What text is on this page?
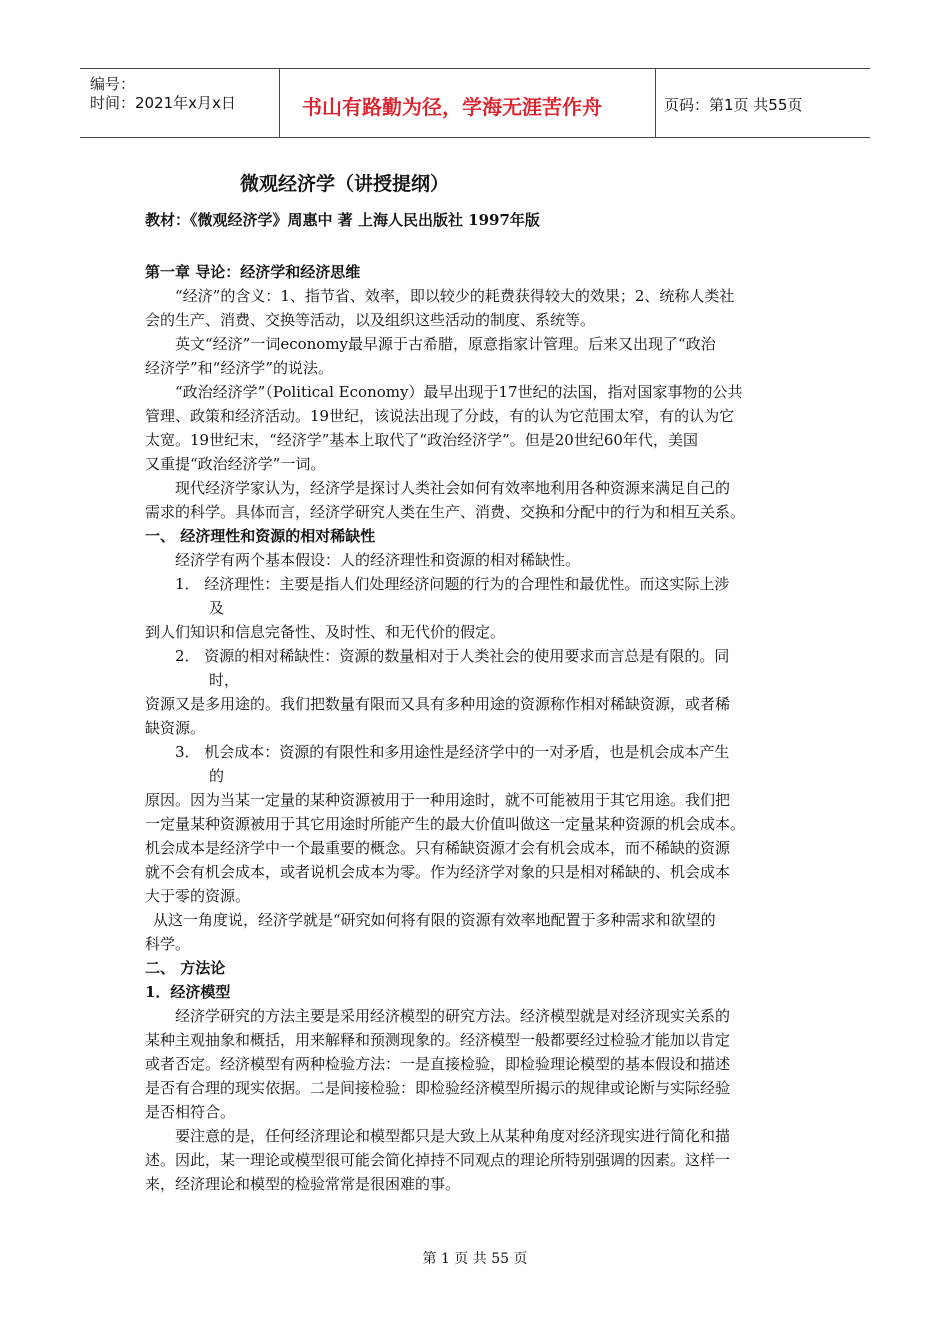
编号：
时间：2021年x月x日	书山有路勤为径，学海无涯苦作舟	页码：第1页 共55页
微观经济学（讲授提纲）
教材：《微观经济学》周惠中 著 上海人民出版社 1997年版
第一章 导论：经济学和经济思维
“经济”的含义：1、指节省、效率，即以较少的耗费获得较大的效果；2、统称人类社
会的生产、消费、交换等活动，以及组织这些活动的制度、系统等。
英文“经济”一词economy最早源于古希腊，原意指家计管理。后来又出现了“政治
经济学”和“经济学”的说法。
“政治经济学”（Political Economy）最早出现于17世纪的法国，指对国家事物的公共
管理、政策和经济活动。19世纪，该说法出现了分歧，有的认为它范围太窄，有的认为它
太宽。19世纪末，“经济学”基本上取代了“政治经济学”。但是20世纪60年代，美国
又重提“政治经济学”一词。
现代经济学家认为，经济学是探讨人类社会如何有效率地利用各种资源来满足自己的
需求的科学。具体而言，经济学研究人类在生产、消费、交换和分配中的行为和相互关系。
一、 经济理性和资源的相对稀缺性
经济学有两个基本假设：人的经济理性和资源的相对稀缺性。
1． 经济理性：主要是指人们处理经济问题的行为的合理性和最优性。而这实际上涉
及
到人们知识和信息完备性、及时性、和无代价的假定。
2． 资源的相对稀缺性：资源的数量相对于人类社会的使用要求而言总是有限的。同
时，
资源又是多用途的。我们把数量有限而又具有多种用途的资源称作相对稀缺资源，或者稀
缺资源。
3． 机会成本：资源的有限性和多用途性是经济学中的一对矛盾，也是机会成本产生
的
原因。因为当某一定量的某种资源被用于一种用途时，就不可能被用于其它用途。我们把
一定量某种资源被用于其它用途时所能产生的最大价值叫做这一定量某种资源的机会成本。
机会成本是经济学中一个最重要的概念。只有稀缺资源才会有机会成本，而不稀缺的资源
就不会有机会成本，或者说机会成本为零。作为经济学对象的只是相对稀缺的、机会成本
大于零的资源。
从这一角度说，经济学就是“研究如何将有限的资源有效率地配置于多种需求和欲望的
科学。
二、 方法论
1．经济模型
经济学研究的方法主要是采用经济模型的研究方法。经济模型就是对经济现实关系的
某种主观抽象和概括，用来解释和预测现象的。经济模型一般都要经过检验才能加以肯定
或者否定。经济模型有两种检验方法：一是直接检验，即检验理论模型的基本假设和描述
是否有合理的现实依据。二是间接检验：即检验经济模型所揭示的规律或论断与实际经验
是否相符合。
要注意的是，任何经济理论和模型都只是大致上从某种角度对经济现实进行简化和描
述。因此，某一理论或模型很可能会简化掉持不同观点的理论所特别强调的因素。这样一
来，经济理论和模型的检验常常是很困难的事。
第 1 页 共 55 页
